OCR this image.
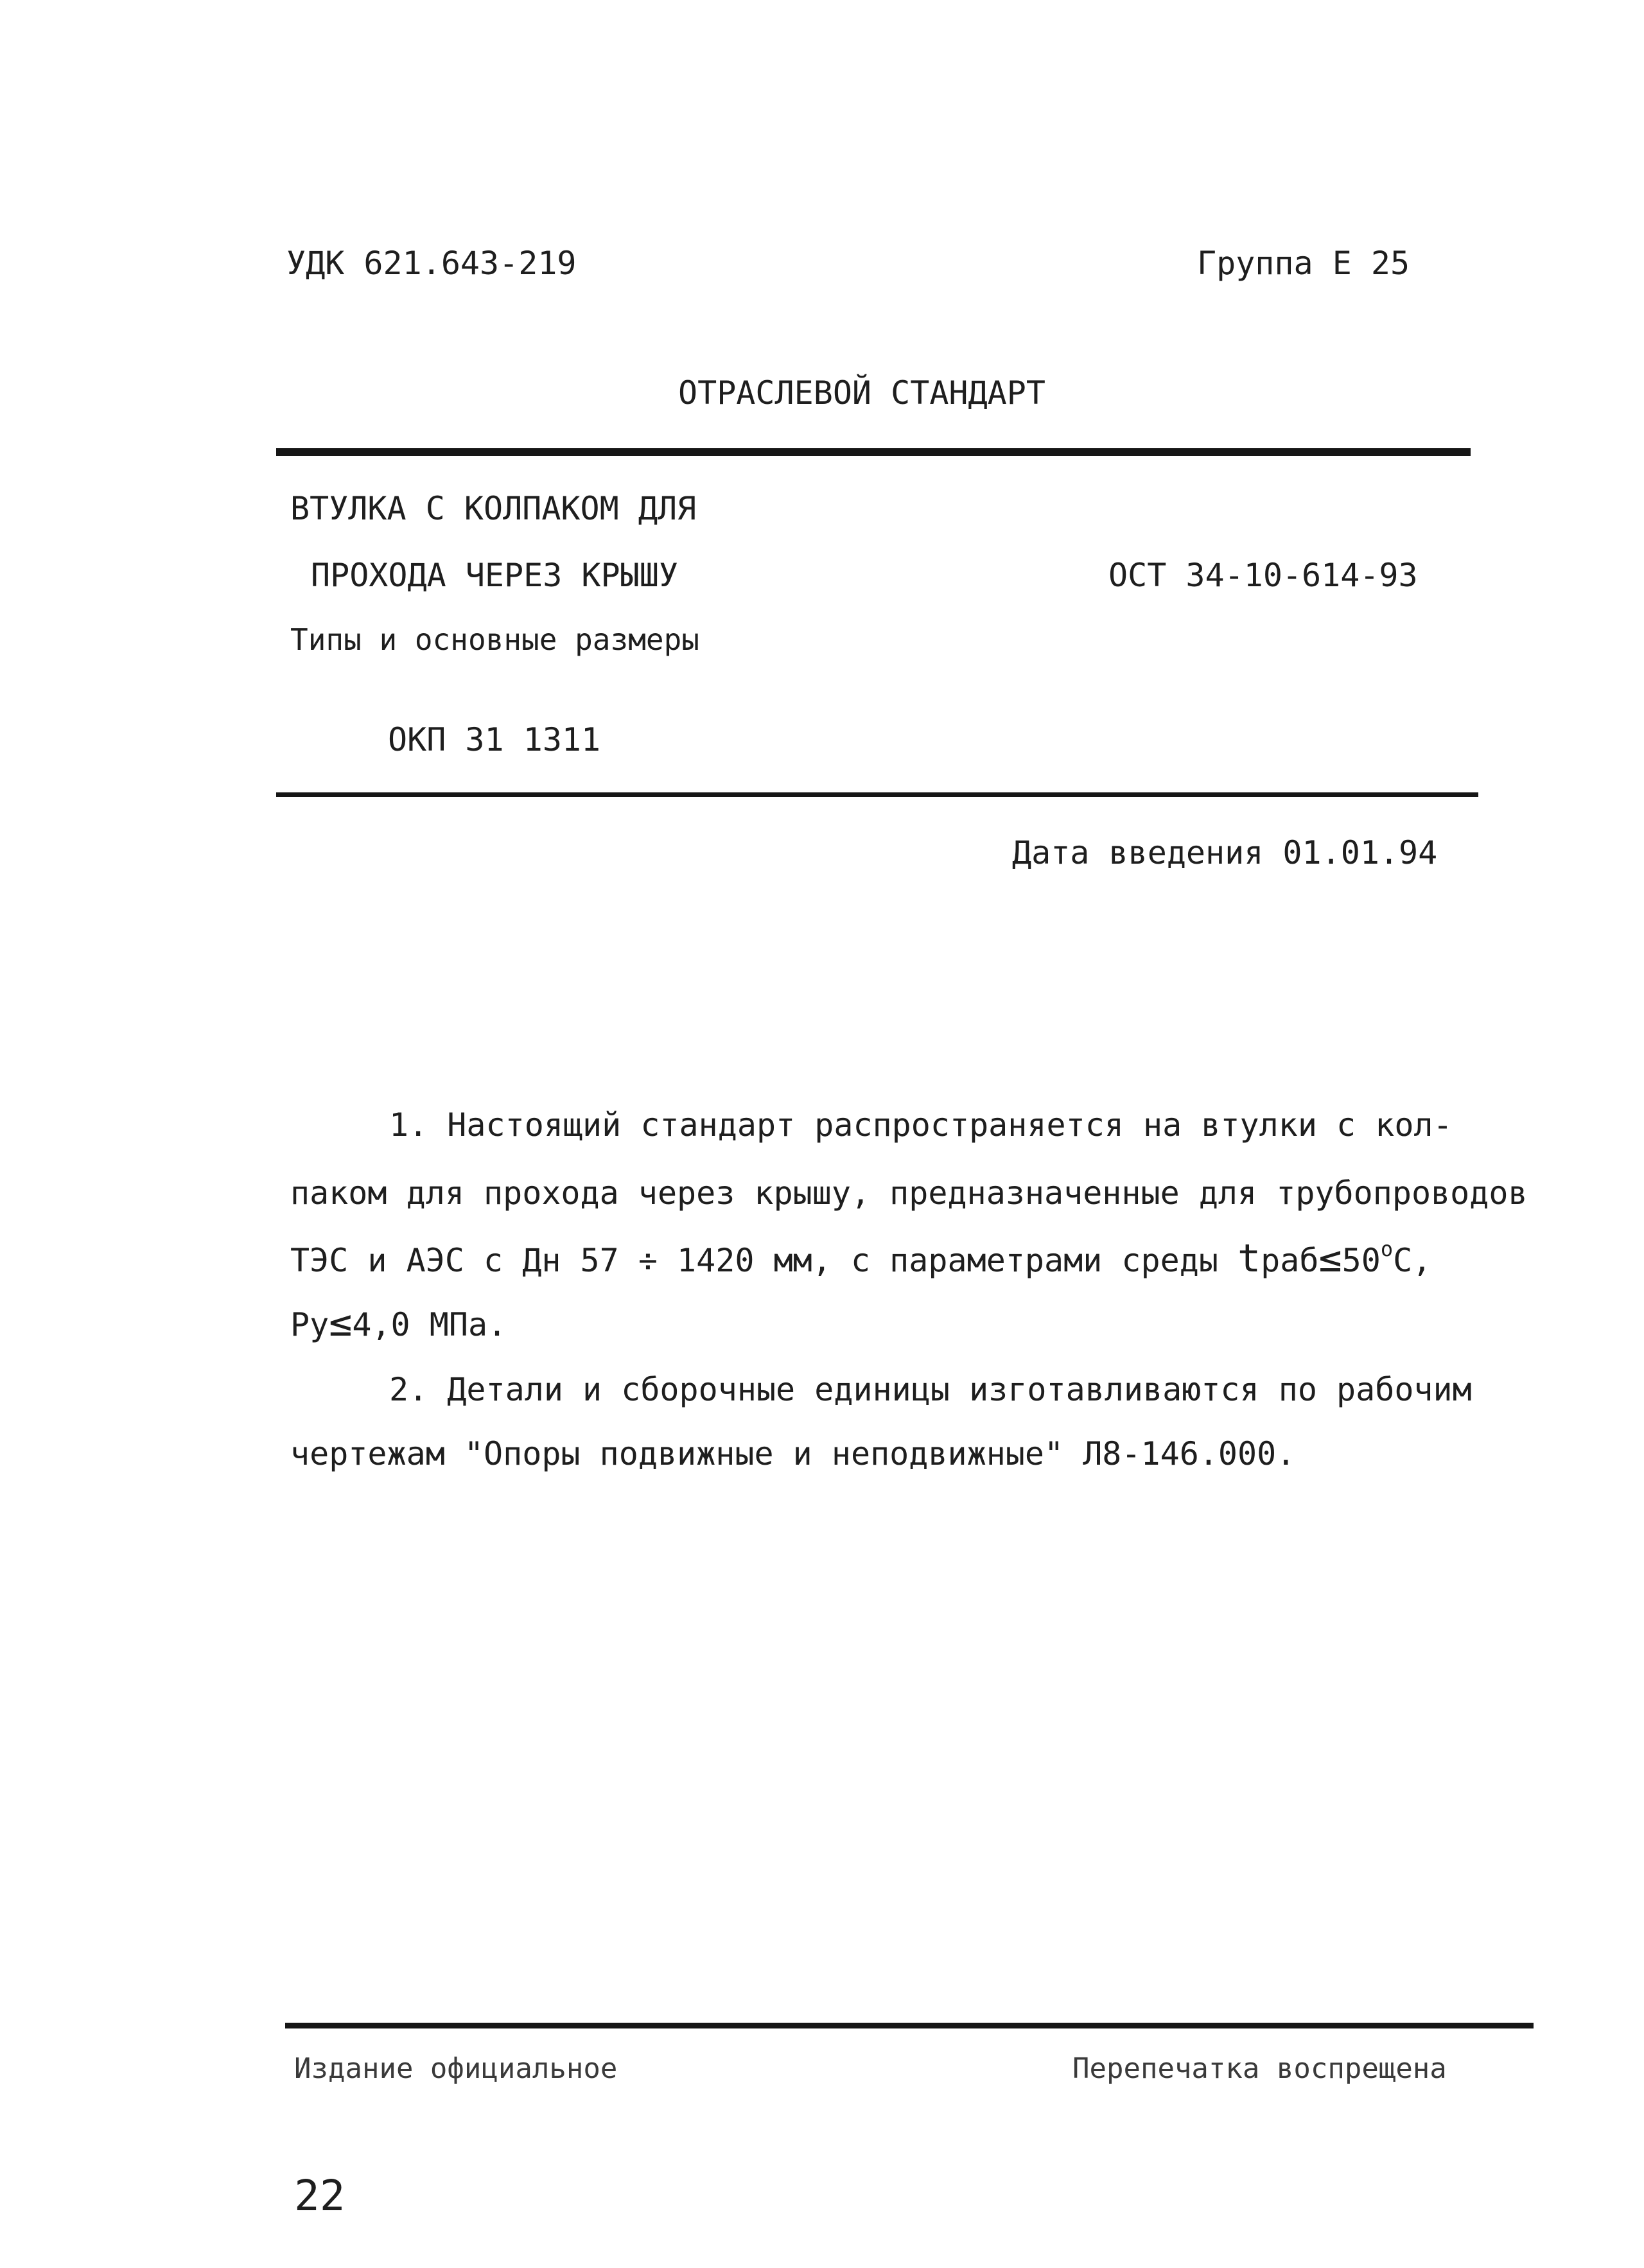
УДК 621.643-219	Группа Е 25
ОТРАСЛЕВОЙ СТАНДАРТ
ВТУЛКА С КОЛПАКОМ ДЛЯ
ПРОХОДА ЧЕРЕЗ КРЫШУ	ОСТ 34-10-614-93
Типы и основные размеры
ОКП 31 1311
Дата введения 01.01.94
1. Настоящий стандарт распространяется на втулки с кол-
паком для прохода через крышу, предназначенные для трубопроводов
ТЭС и АЭС с Дн 57 ÷ 1420 мм, с параметрами среды $tраб\le 50^оС$,
Ру≤4,0 МПа.
2. Детали и сборочные единицы изготавливаются по рабочим
чертежам "Опоры подвижные и неподвижные" Л8-146.000.
Издание официальное	Перепечатка воспрещена
22
